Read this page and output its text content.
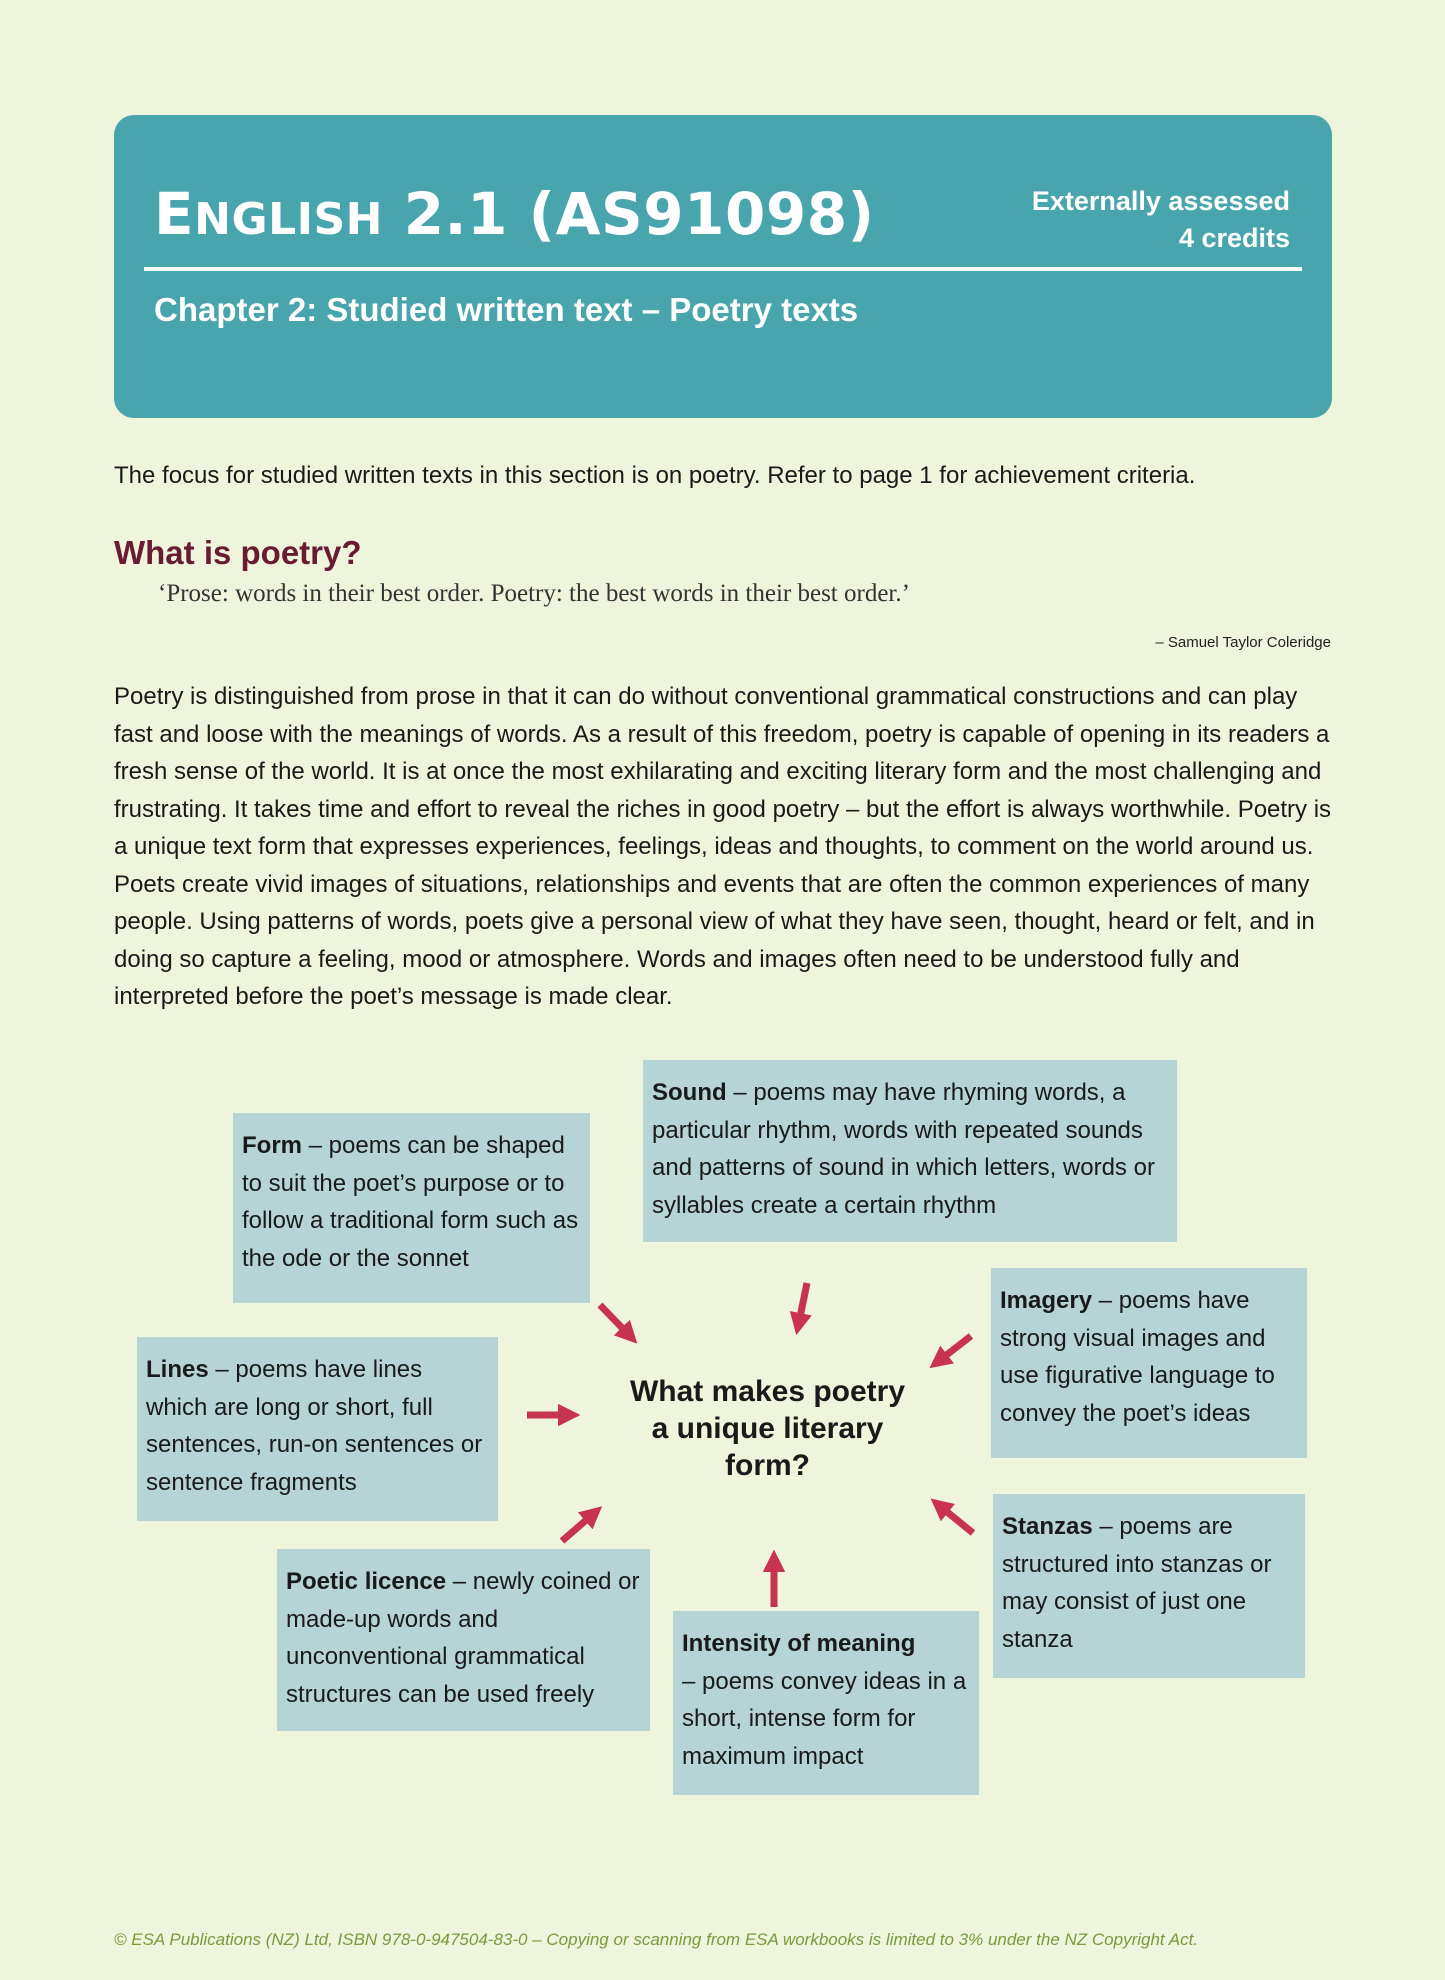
ENGLISH 2.1 (AS91098)	Externally assessed
4 credits
Chapter 2: Studied written text – Poetry texts

The focus for studied written texts in this section is on poetry. Refer to page 1 for achievement criteria.

What is poetry?

‘Prose: words in their best order. Poetry: the best words in their best order.’

– Samuel Taylor Coleridge

Poetry is distinguished from prose in that it can do without conventional grammatical constructions and can play fast and loose with the meanings of words. As a result of this freedom, poetry is capable of opening in its readers a fresh sense of the world. It is at once the most exhilarating and exciting literary form and the most challenging and frustrating. It takes time and effort to reveal the riches in good poetry – but the effort is always worthwhile. Poetry is a unique text form that expresses experiences, feelings, ideas and thoughts, to comment on the world around us. Poets create vivid images of situations, relationships and events that are often the common experiences of many people. Using patterns of words, poets give a personal view of what they have seen, thought, heard or felt, and in doing so capture a feeling, mood or atmosphere. Words and images often need to be understood fully and interpreted before the poet’s message is made clear.

What makes poetry a unique literary form?
Form – poems can be shaped to suit the poet’s purpose or to follow a traditional form such as the ode or the sonnet
Sound – poems may have rhyming words, a particular rhythm, words with repeated sounds and patterns of sound in which letters, words or syllables create a certain rhythm
Imagery – poems have strong visual images and use figurative language to convey the poet’s ideas
Lines – poems have lines which are long or short, full sentences, run-on sentences or sentence fragments
Stanzas – poems are structured into stanzas or may consist of just one stanza
Poetic licence – newly coined or made-up words and unconventional grammatical structures can be used freely
Intensity of meaning
– poems convey ideas in a short, intense form for maximum impact

© ESA Publications (NZ) Ltd, ISBN 978-0-947504-83-0 – Copying or scanning from ESA workbooks is limited to 3% under the NZ Copyright Act.
